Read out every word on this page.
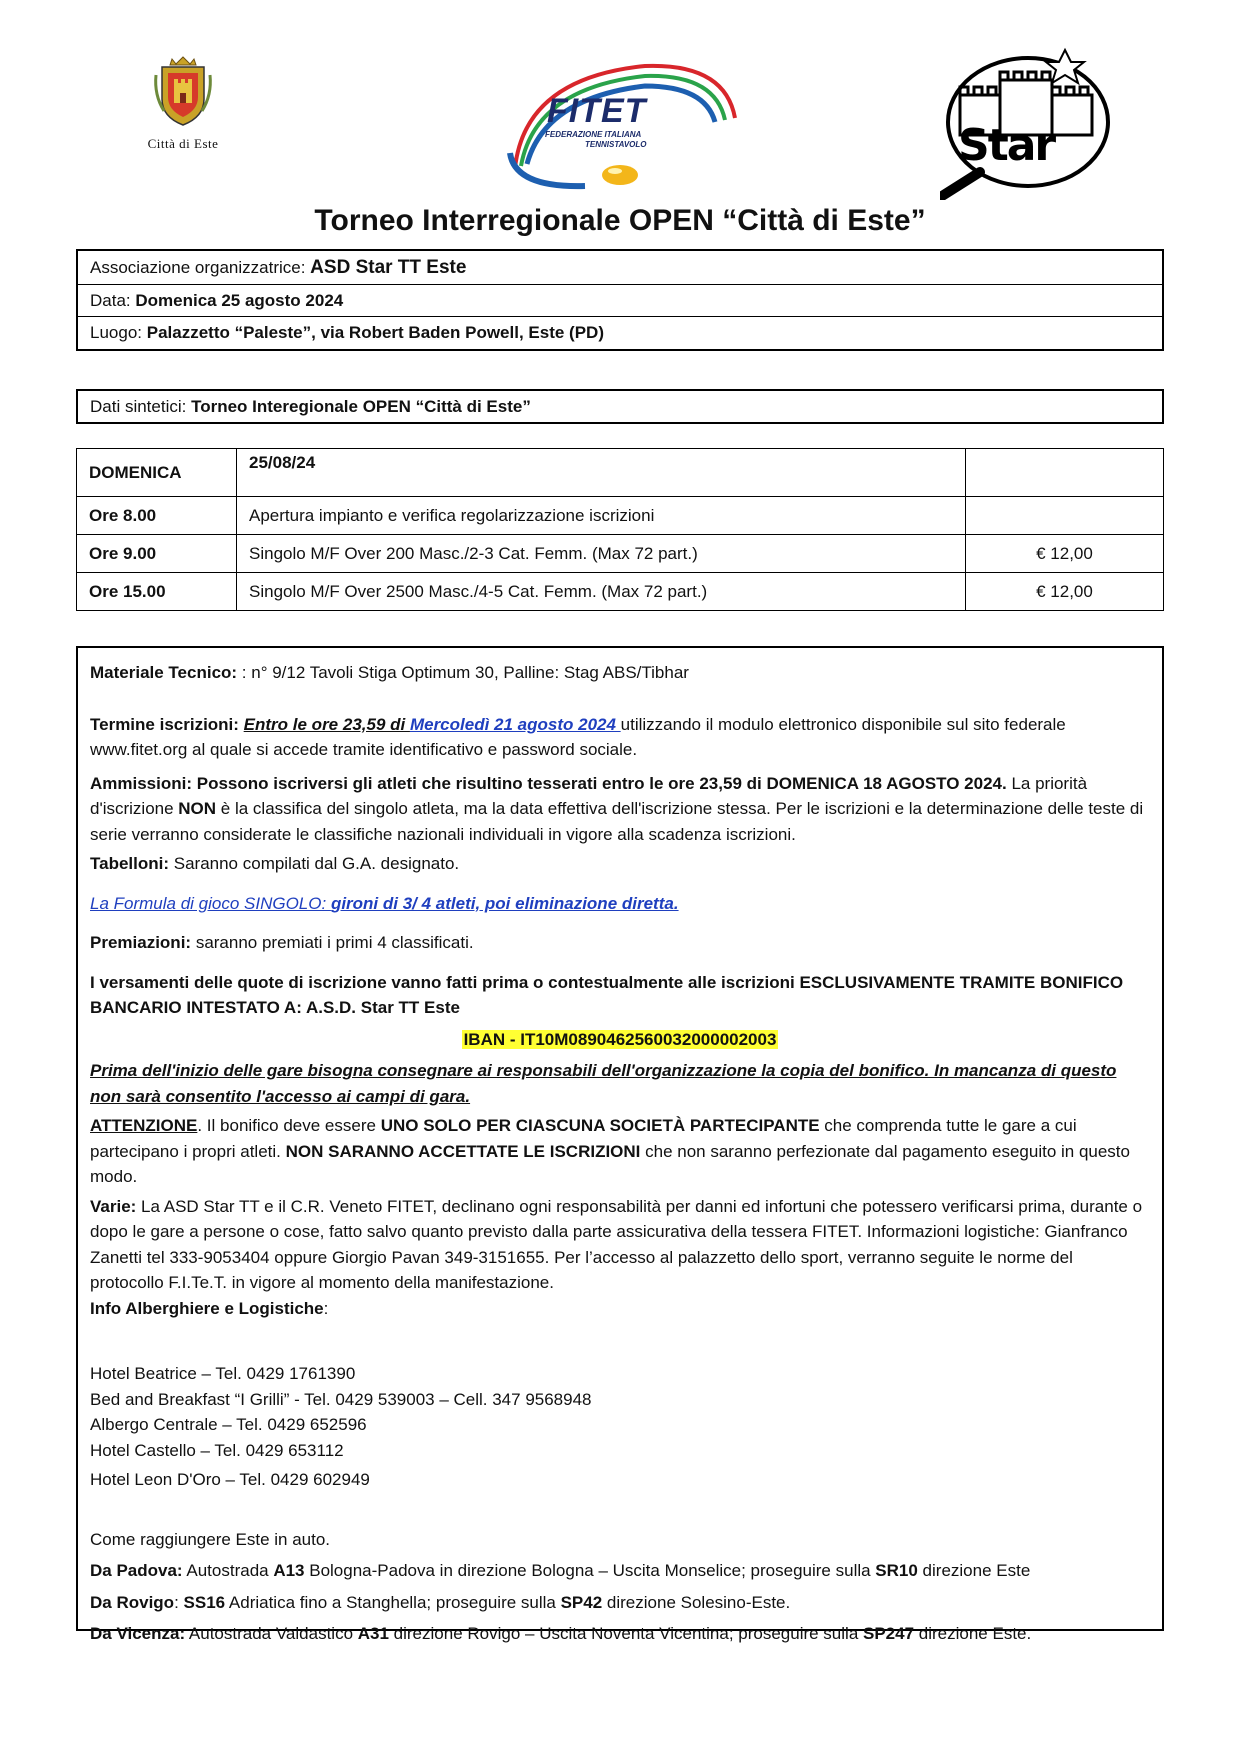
Città di Este
FITET
FEDERAZIONE ITALIANA
TENNISTAVOLO	Star
Torneo Interregionale OPEN “Città di Este”
Associazione organizzatrice: ASD Star TT Este
Data: Domenica 25 agosto 2024
Luogo: Palazzetto “Paleste”, via Robert Baden Powell, Este (PD)
Dati sintetici: Torneo Interegionale OPEN “Città di Este”
DOMENICA	25/08/24	
Ore 8.00	Apertura impianto e verifica regolarizzazione iscrizioni	
Ore 9.00	Singolo M/F Over 200 Masc./2-3 Cat. Femm. (Max 72 part.)	€ 12,00
Ore 15.00	Singolo M/F Over 2500 Masc./4-5 Cat. Femm. (Max 72 part.)	€ 12,00

Materiale Tecnico: : n° 9/12 Tavoli Stiga Optimum 30, Palline: Stag ABS/Tibhar

Termine iscrizioni: Entro le ore 23,59 di Mercoledì 21 agosto 2024 utilizzando il modulo elettronico disponibile sul sito federale www.fitet.org al quale si accede tramite identificativo e password sociale.

Ammissioni: Possono iscriversi gli atleti che risultino tesserati entro le ore 23,59 di DOMENICA 18 AGOSTO 2024. La priorità d'iscrizione NON è la classifica del singolo atleta, ma la data effettiva dell'iscrizione stessa. Per le iscrizioni e la determinazione delle teste di serie verranno considerate le classifiche nazionali individuali in vigore alla scadenza iscrizioni.

Tabelloni: Saranno compilati dal G.A. designato.

La Formula di gioco SINGOLO: gironi di 3/ 4 atleti, poi eliminazione diretta.

Premiazioni: saranno premiati i primi 4 classificati.

I versamenti delle quote di iscrizione vanno fatti prima o contestualmente alle iscrizioni ESCLUSIVAMENTE TRAMITE BONIFICO BANCARIO INTESTATO A: A.S.D. Star TT Este

IBAN - IT10M0890462560032000002003

Prima dell'inizio delle gare bisogna consegnare ai responsabili dell'organizzazione la copia del bonifico. In mancanza di questo non sarà consentito l'accesso ai campi di gara.

ATTENZIONE. Il bonifico deve essere UNO SOLO PER CIASCUNA SOCIETÀ PARTECIPANTE che comprenda tutte le gare a cui partecipano i propri atleti. NON SARANNO ACCETTATE LE ISCRIZIONI che non saranno perfezionate dal pagamento eseguito in questo modo.

Varie: La ASD Star TT e il C.R. Veneto FITET, declinano ogni responsabilità per danni ed infortuni che potessero verificarsi prima, durante o dopo le gare a persone o cose, fatto salvo quanto previsto dalla parte assicurativa della tessera FITET. Informazioni logistiche: Gianfranco Zanetti tel 333-9053404 oppure Giorgio Pavan 349-3151655. Per l’accesso al palazzetto dello sport, verranno seguite le norme del protocollo F.I.Te.T. in vigore al momento della manifestazione.

Info Alberghiere e Logistiche:

Hotel Beatrice – Tel. 0429 1761390

Bed and Breakfast “I Grilli” - Tel. 0429 539003 – Cell. 347 9568948

Albergo Centrale – Tel. 0429 652596

Hotel Castello – Tel. 0429 653112

Hotel Leon D'Oro – Tel. 0429 602949

Come raggiungere Este in auto.

Da Padova: Autostrada A13 Bologna-Padova in direzione Bologna – Uscita Monselice; proseguire sulla SR10 direzione Este

Da Rovigo: SS16 Adriatica fino a Stanghella; proseguire sulla SP42 direzione Solesino-Este.

Da Vicenza: Autostrada Valdastico A31 direzione Rovigo – Uscita Noventa Vicentina; proseguire sulla SP247 direzione Este.
